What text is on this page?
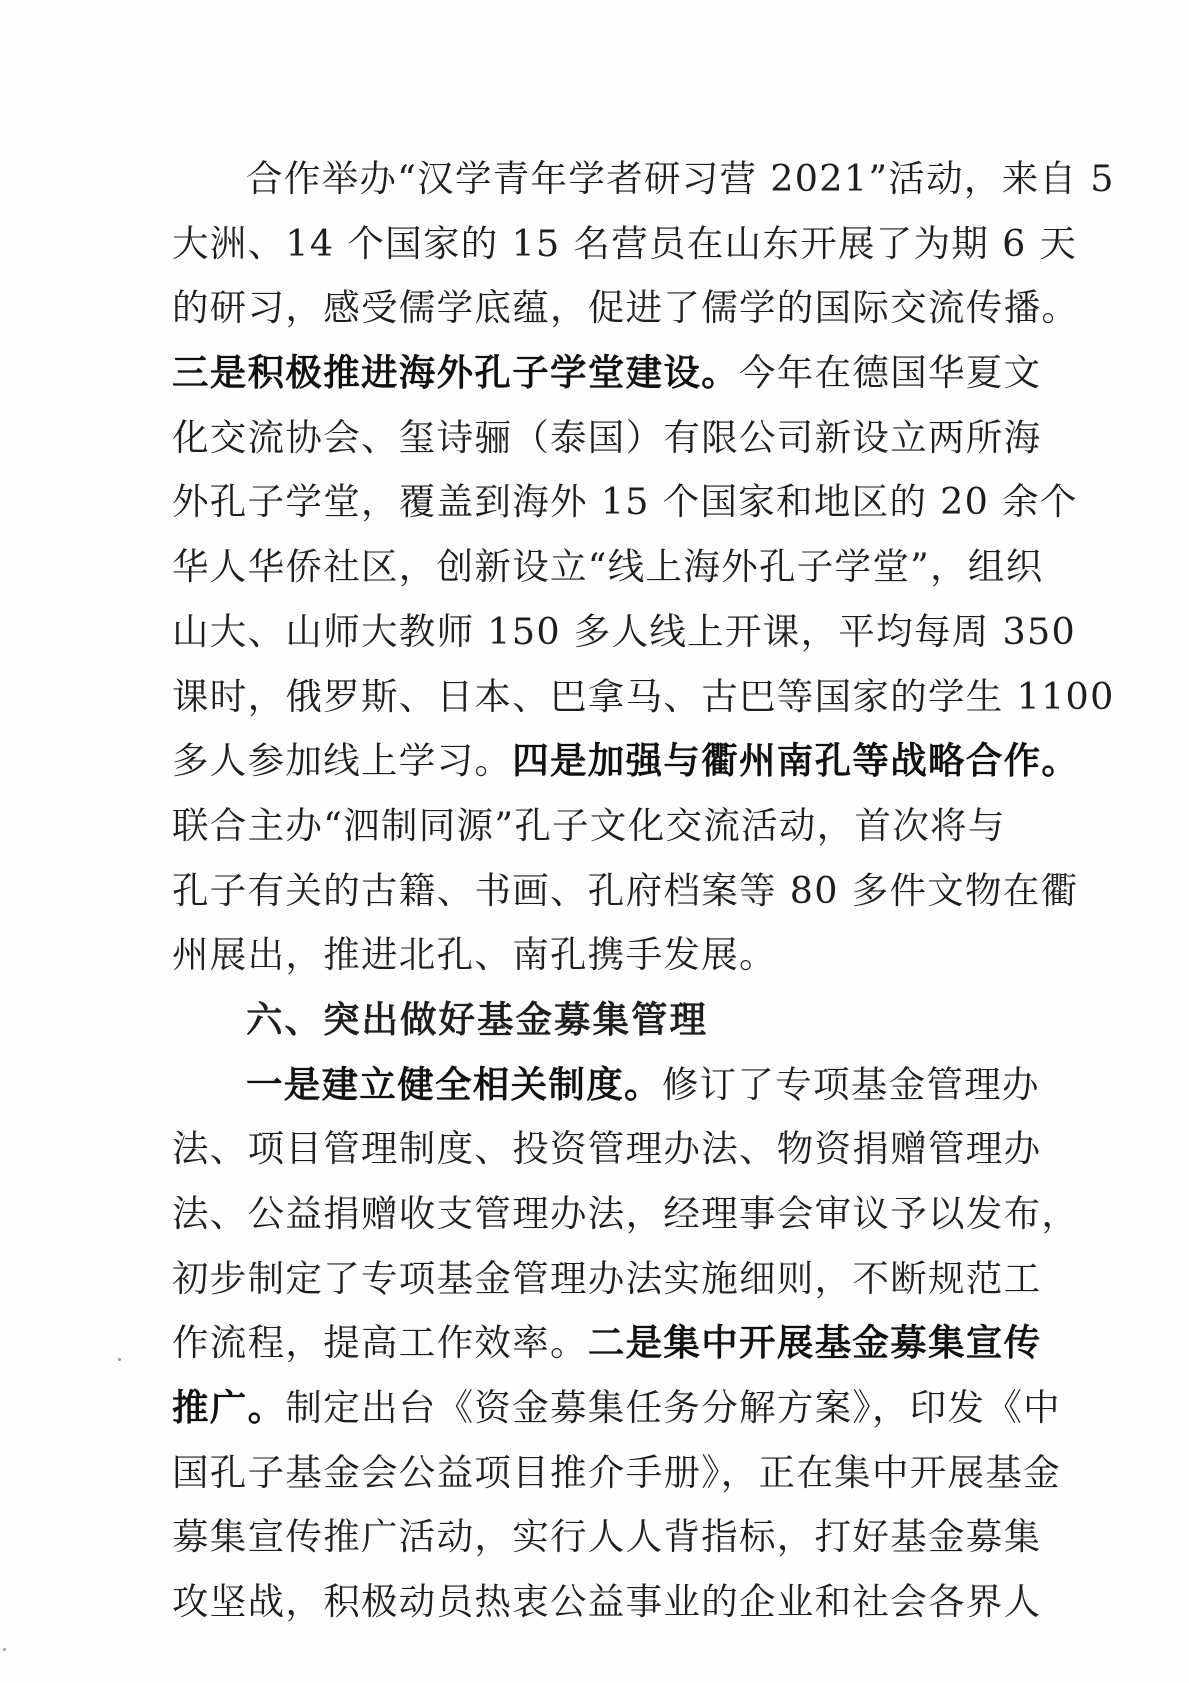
合作举办“汉学青年学者研习营 2021”活动，来自 5
大洲、14 个国家的 15 名营员在山东开展了为期 6 天
的研习，感受儒学底蕴，促进了儒学的国际交流传播。
三是积极推进海外孔子学堂建设。今年在德国华夏文
化交流协会、玺诗骊（泰国）有限公司新设立两所海
外孔子学堂，覆盖到海外 15 个国家和地区的 20 余个
华人华侨社区，创新设立“线上海外孔子学堂”，组织
山大、山师大教师 150 多人线上开课，平均每周 350
课时，俄罗斯、日本、巴拿马、古巴等国家的学生 1100
多人参加线上学习。四是加强与衢州南孔等战略合作。
联合主办“泗制同源”孔子文化交流活动，首次将与
孔子有关的古籍、书画、孔府档案等 80 多件文物在衢
州展出，推进北孔、南孔携手发展。
六、突出做好基金募集管理
一是建立健全相关制度。修订了专项基金管理办
法、项目管理制度、投资管理办法、物资捐赠管理办
法、公益捐赠收支管理办法，经理事会审议予以发布，
初步制定了专项基金管理办法实施细则，不断规范工
作流程，提高工作效率。二是集中开展基金募集宣传
推广。制定出台《资金募集任务分解方案》，印发《中
国孔子基金会公益项目推介手册》，正在集中开展基金
募集宣传推广活动，实行人人背指标，打好基金募集
攻坚战，积极动员热衷公益事业的企业和社会各界人
